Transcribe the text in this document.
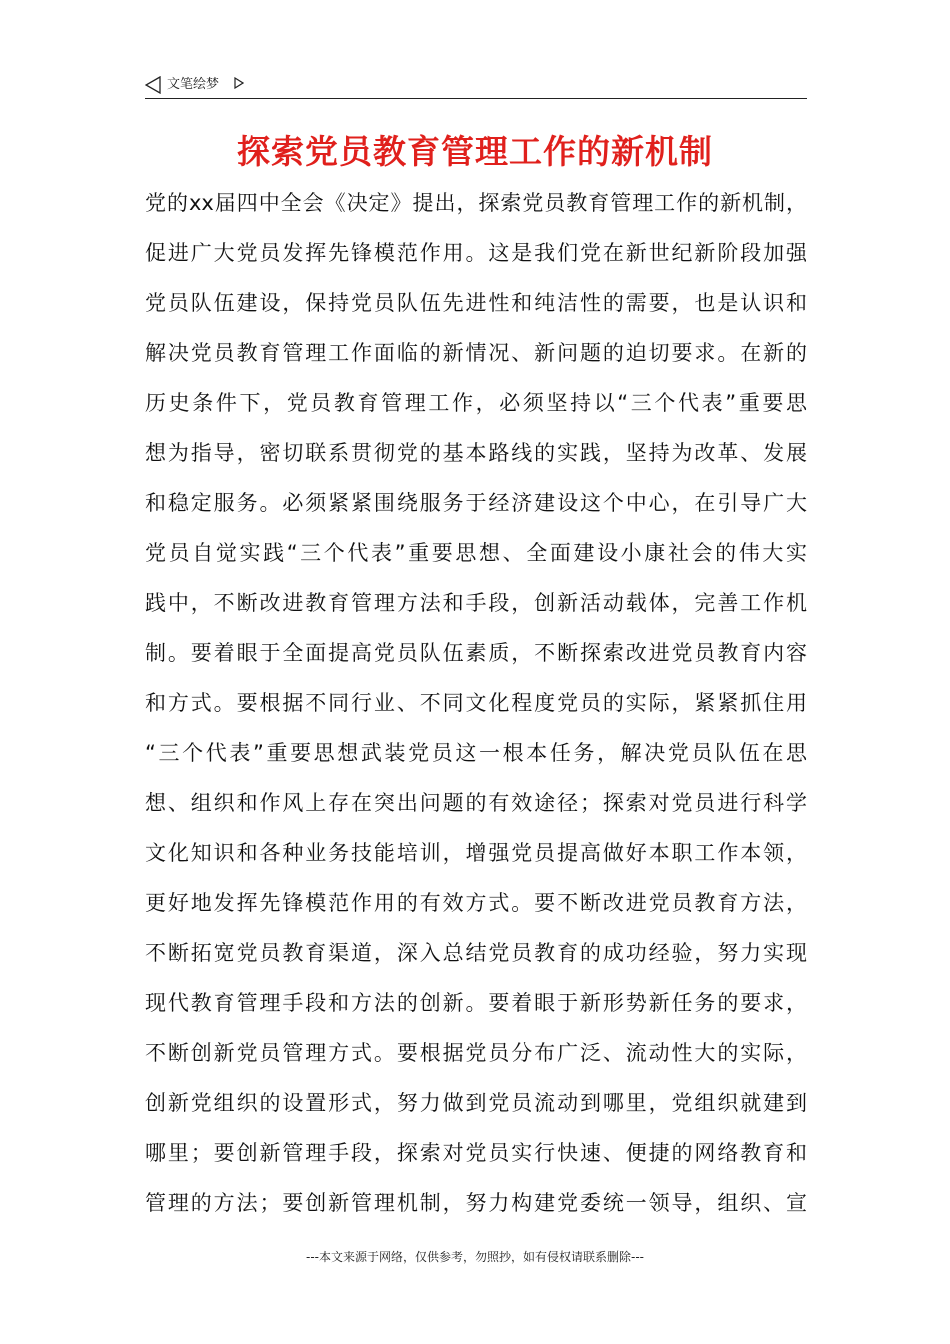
文笔绘梦
探索党员教育管理工作的新机制
党的xx届四中全会《决定》提出，探索党员教育管理工作的新机制，
促进广大党员发挥先锋模范作用。这是我们党在新世纪新阶段加强
党员队伍建设，保持党员队伍先进性和纯洁性的需要，也是认识和
解决党员教育管理工作面临的新情况、新问题的迫切要求。在新的
历史条件下，党员教育管理工作，必须坚持以“三个代表”重要思
想为指导，密切联系贯彻党的基本路线的实践，坚持为改革、发展
和稳定服务。必须紧紧围绕服务于经济建设这个中心，在引导广大
党员自觉实践“三个代表”重要思想、全面建设小康社会的伟大实
践中，不断改进教育管理方法和手段，创新活动载体，完善工作机
制。要着眼于全面提高党员队伍素质，不断探索改进党员教育内容
和方式。要根据不同行业、不同文化程度党员的实际，紧紧抓住用
“三个代表”重要思想武装党员这一根本任务，解决党员队伍在思
想、组织和作风上存在突出问题的有效途径；探索对党员进行科学
文化知识和各种业务技能培训，增强党员提高做好本职工作本领，
更好地发挥先锋模范作用的有效方式。要不断改进党员教育方法，
不断拓宽党员教育渠道，深入总结党员教育的成功经验，努力实现
现代教育管理手段和方法的创新。要着眼于新形势新任务的要求，
不断创新党员管理方式。要根据党员分布广泛、流动性大的实际，
创新党组织的设置形式，努力做到党员流动到哪里，党组织就建到
哪里；要创新管理手段，探索对党员实行快速、便捷的网络教育和
管理的方法；要创新管理机制，努力构建党委统一领导，组织、宣
---本文来源于网络，仅供参考，勿照抄，如有侵权请联系删除---
